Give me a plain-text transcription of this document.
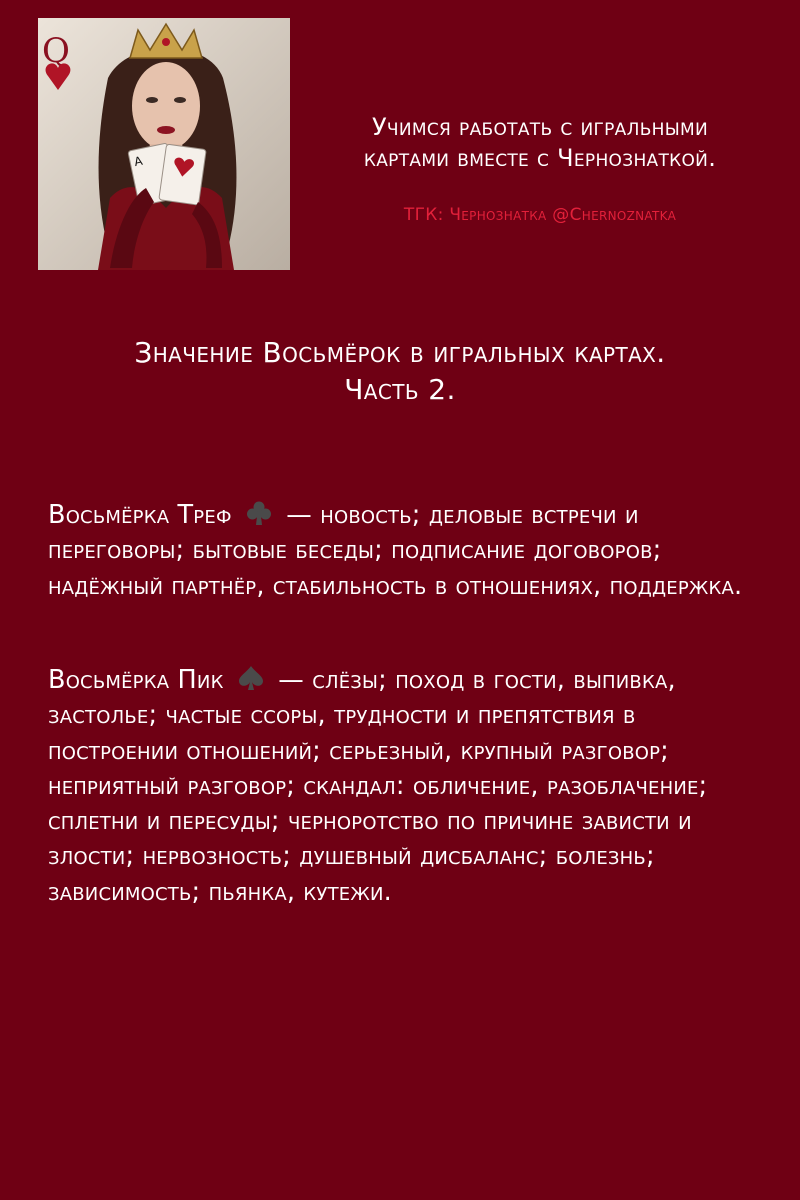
Q
A
Учимся работать с игральными
картами вместе с Чернознаткой.
ТГК: Чернознатка @Chernoznatka
Значение Восьмёрок в игральных картах.
Часть 2.
Восьмёрка Треф — новость; деловые встречи и переговоры; бытовые беседы; подписание договоров; надёжный партнёр, стабильность в отношениях, поддержка.
Восьмёрка Пик — слёзы; поход в гости, выпивка, застолье; частые ссоры, трудности и препятствия в построении отношений; серьезный, крупный разговор; неприятный разговор; скандал: обличение, разоблачение; сплетни и пересуды; черноротство по причине зависти и злости; нервозность; душевный дисбаланс; болезнь; зависимость; пьянка, кутежи.
